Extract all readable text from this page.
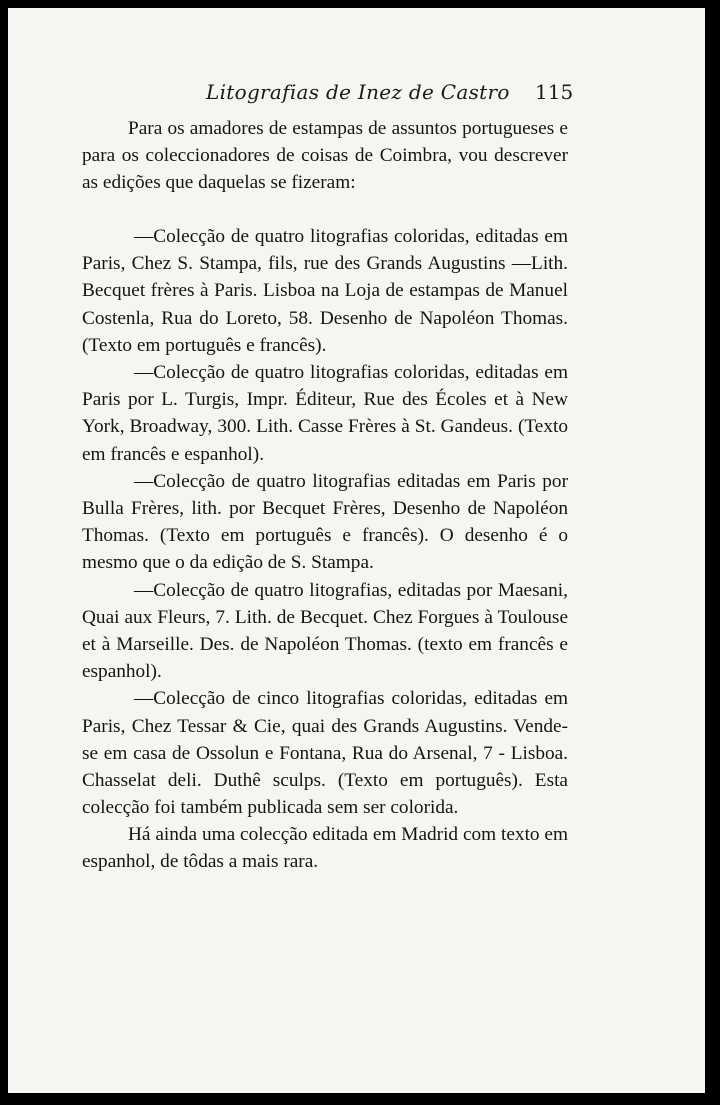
Litografias de Inez de Castro 115

Para os amadores de estampas de assuntos portugueses e para os coleccionadores de coisas de Coimbra, vou descrever as edições que daquelas se fizeram:

—Colecção de quatro litografias coloridas, editadas em Paris, Chez S. Stampa, fils, rue des Grands Augustins —Lith. Becquet frères à Paris. Lisboa na Loja de estampas de Manuel Costenla, Rua do Loreto, 58. Desenho de Napoléon Thomas. (Texto em português e francês).

—Colecção de quatro litografias coloridas, editadas em Paris por L. Turgis, Impr. Éditeur, Rue des Écoles et à New York, Broadway, 300. Lith. Casse Frères à St. Gandeus. (Texto em francês e espanhol).

—Colecção de quatro litografias editadas em Paris por Bulla Frères, lith. por Becquet Frères, Desenho de Napoléon Thomas. (Texto em português e francês). O desenho é o mesmo que o da edição de S. Stampa.

—Colecção de quatro litografias, editadas por Maesani, Quai aux Fleurs, 7. Lith. de Becquet. Chez Forgues à Toulouse et à Marseille. Des. de Napoléon Thomas. (texto em francês e espanhol).

—Colecção de cinco litografias coloridas, editadas em Paris, Chez Tessar & Cie, quai des Grands Augustins. Vende-se em casa de Ossolun e Fontana, Rua do Arsenal, 7 - Lisboa. Chasselat deli. Duthê sculps. (Texto em português). Esta colecção foi também publicada sem ser colorida.

Há ainda uma colecção editada em Madrid com texto em espanhol, de tôdas a mais rara.
